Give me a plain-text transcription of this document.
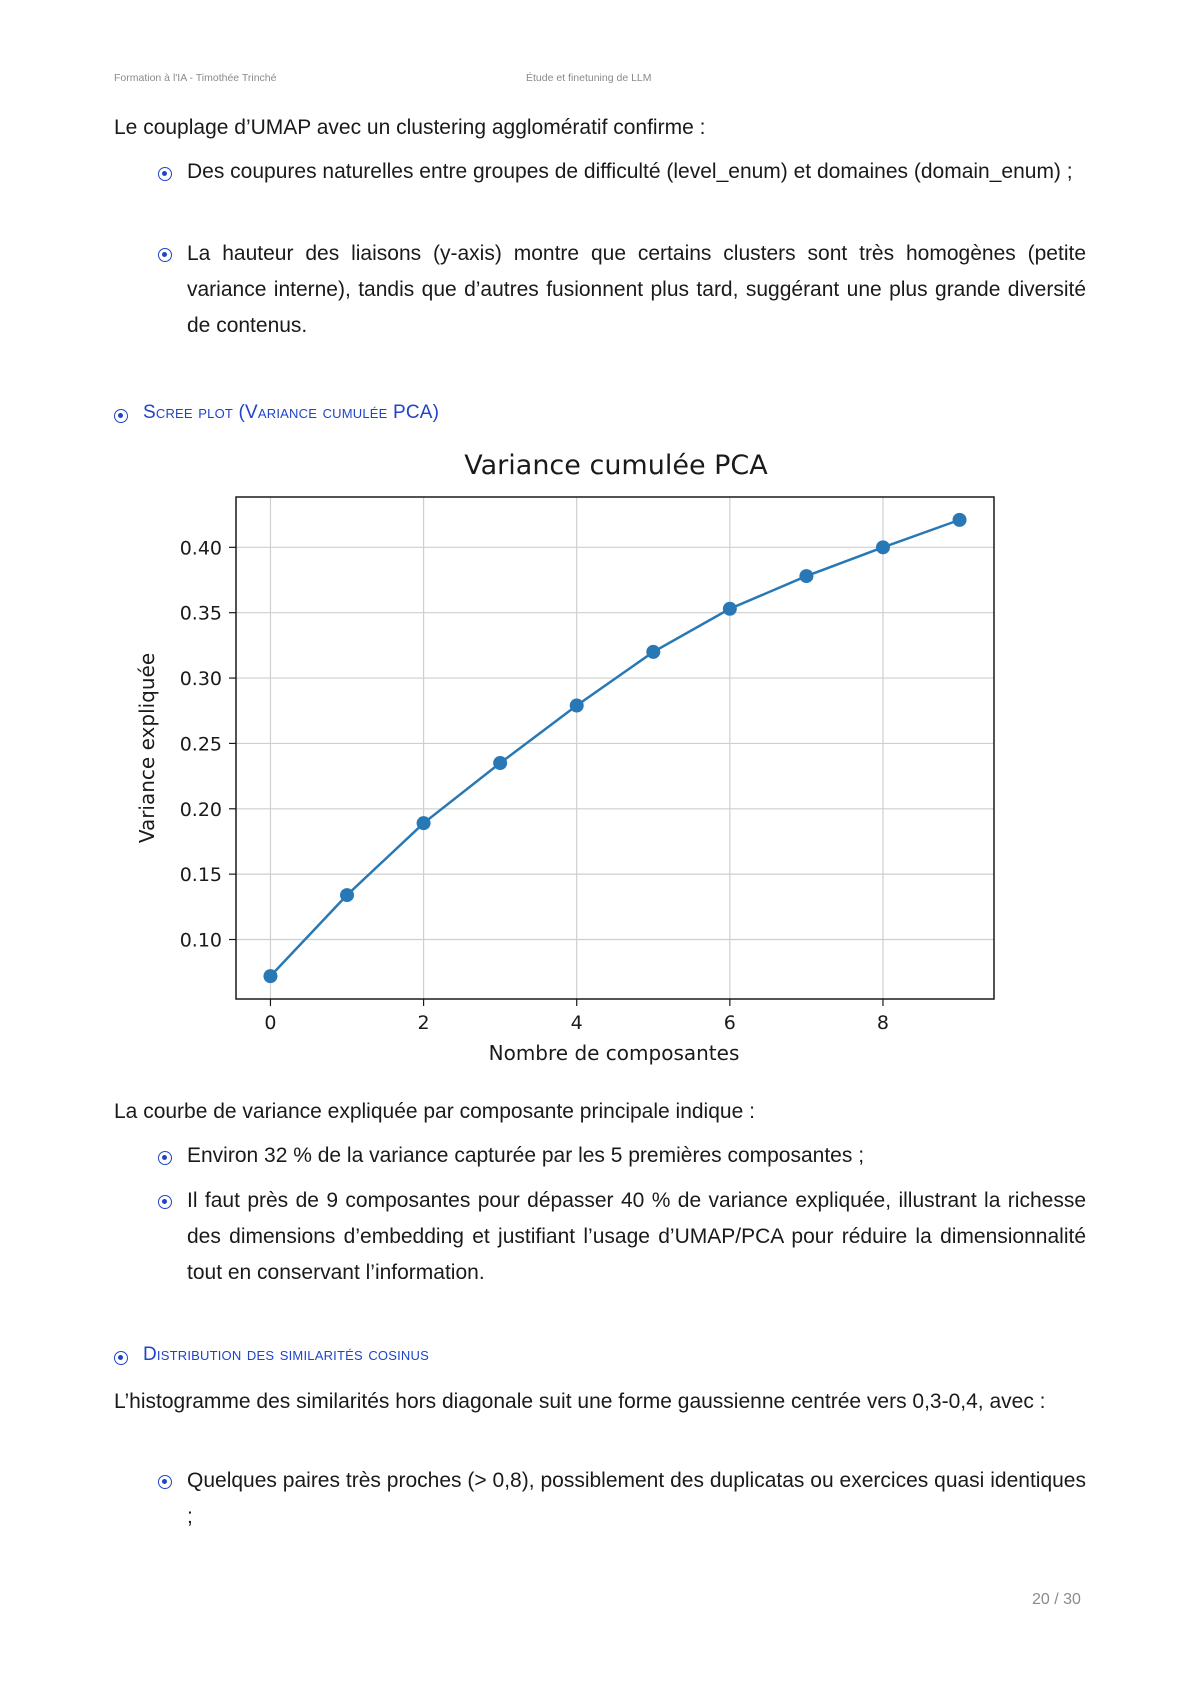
Formation à l'IA - Timothée Trinché	Étude et finetuning de LLM
Le couplage d’UMAP avec un clustering agglomératif confirme :
Des coupures naturelles entre groupes de difficulté (level_enum) et domaines (domain_enum) ;
La hauteur des liaisons (y-axis) montre que certains clusters sont très homogènes (petite variance interne), tandis que d’autres fusionnent plus tard, suggérant une plus grande diversité de contenus.
Scree plot (Variance cumulée PCA)
Variance cumulée PCA
0	2	4	6	8
0.10
0.15
0.20
0.25
0.30
0.35
0.40
Nombre de composantes
Variance expliquée
La courbe de variance expliquée par composante principale indique :
Environ 32 % de la variance capturée par les 5 premières composantes ;
Il faut près de 9 composantes pour dépasser 40 % de variance expliquée, illustrant la richesse des dimensions d’embedding et justifiant l’usage d’UMAP/PCA pour réduire la dimensionnalité tout en conservant l’information.
Distribution des similarités cosinus
L’histogramme des similarités hors diagonale suit une forme gaussienne centrée vers 0,3-0,4, avec :
Quelques paires très proches (> 0,8), possiblement des duplicatas ou exercices quasi identiques ;
20 / 30
